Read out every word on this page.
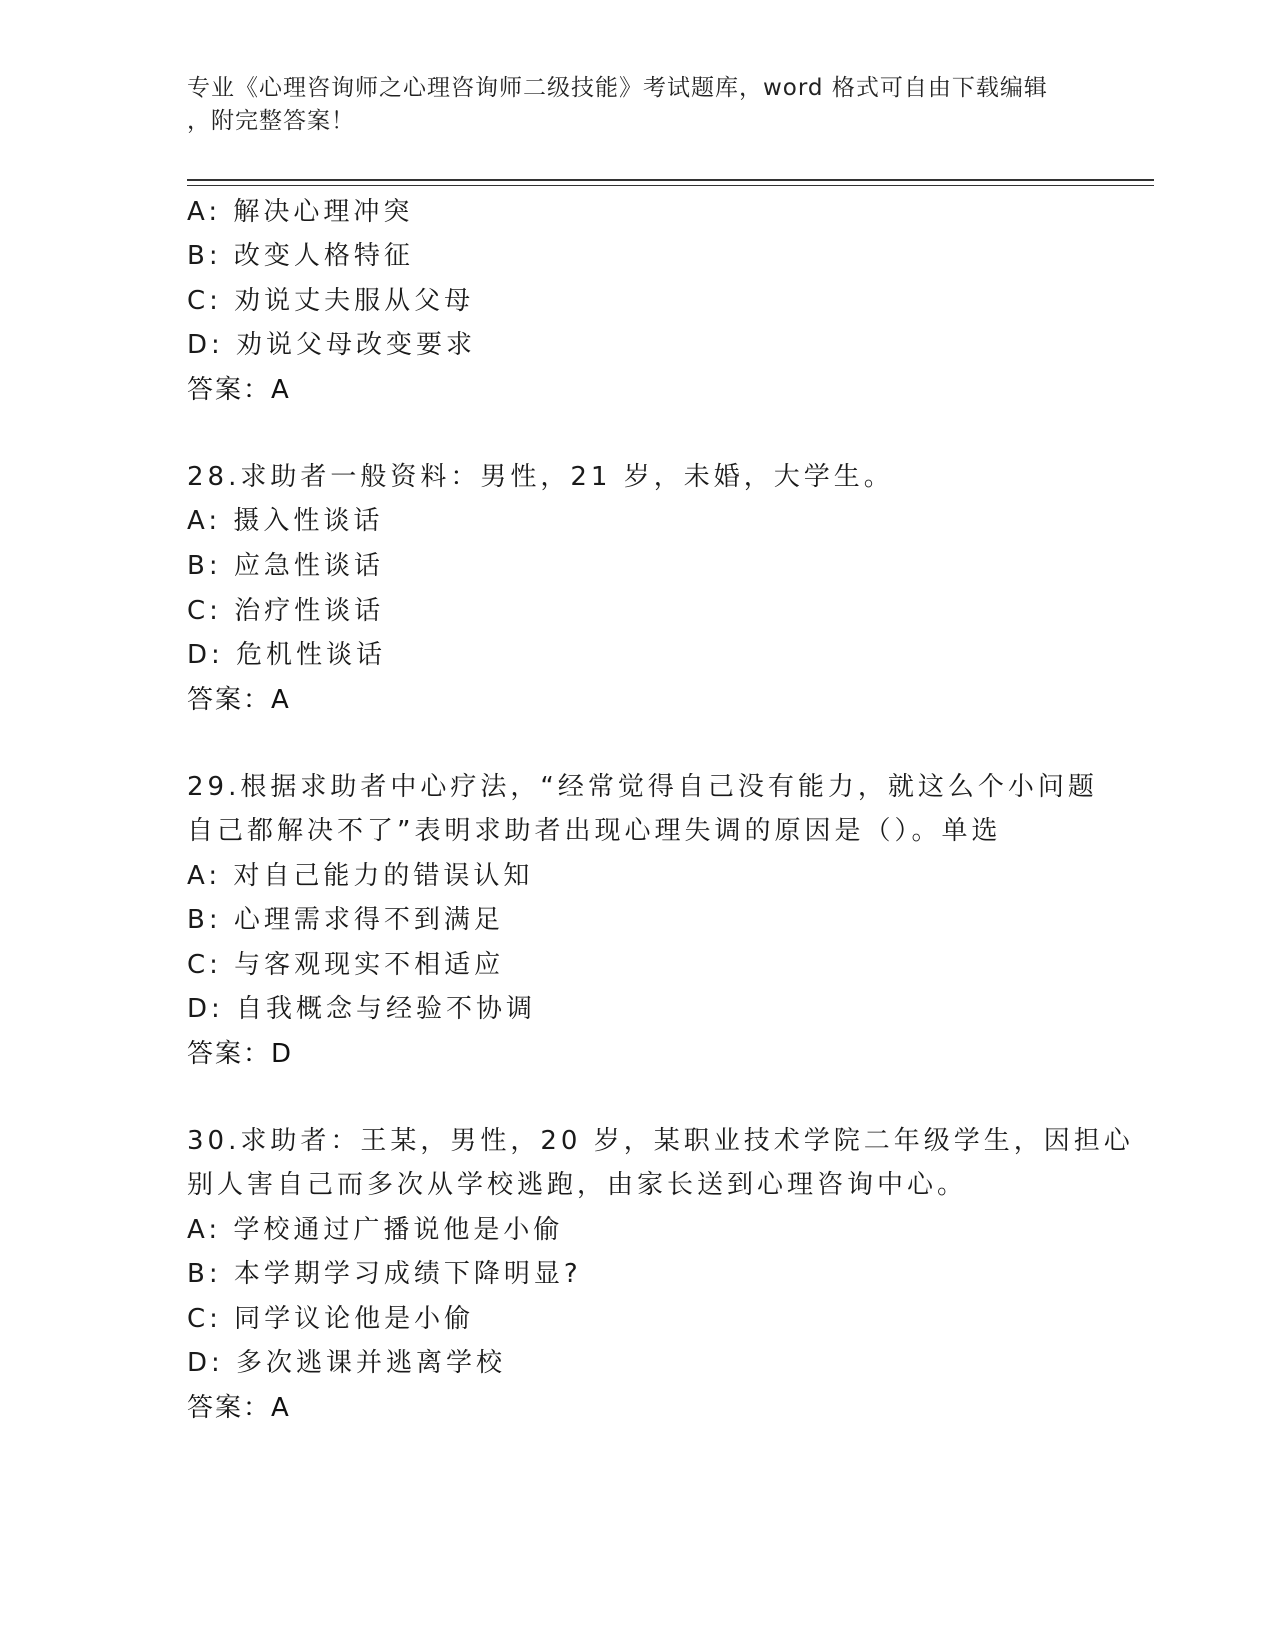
专业《心理咨询师之心理咨询师二级技能》考试题库，word 格式可自由下载编辑
，附完整答案！
A: 解决心理冲突
B: 改变人格特征
C: 劝说丈夫服从父母
D: 劝说父母改变要求
答案：A
28.求助者一般资料：男性，21 岁，未婚，大学生。
A: 摄入性谈话
B: 应急性谈话
C: 治疗性谈话
D: 危机性谈话
答案：A
29.根据求助者中心疗法，“经常觉得自己没有能力，就这么个小问题
自己都解决不了”表明求助者出现心理失调的原因是（）。单选
A: 对自己能力的错误认知
B: 心理需求得不到满足
C: 与客观现实不相适应
D: 自我概念与经验不协调
答案：D
30.求助者：王某，男性，20 岁，某职业技术学院二年级学生，因担心
别人害自己而多次从学校逃跑，由家长送到心理咨询中心。
A: 学校通过广播说他是小偷
B: 本学期学习成绩下降明显?
C: 同学议论他是小偷
D: 多次逃课并逃离学校
答案：A
